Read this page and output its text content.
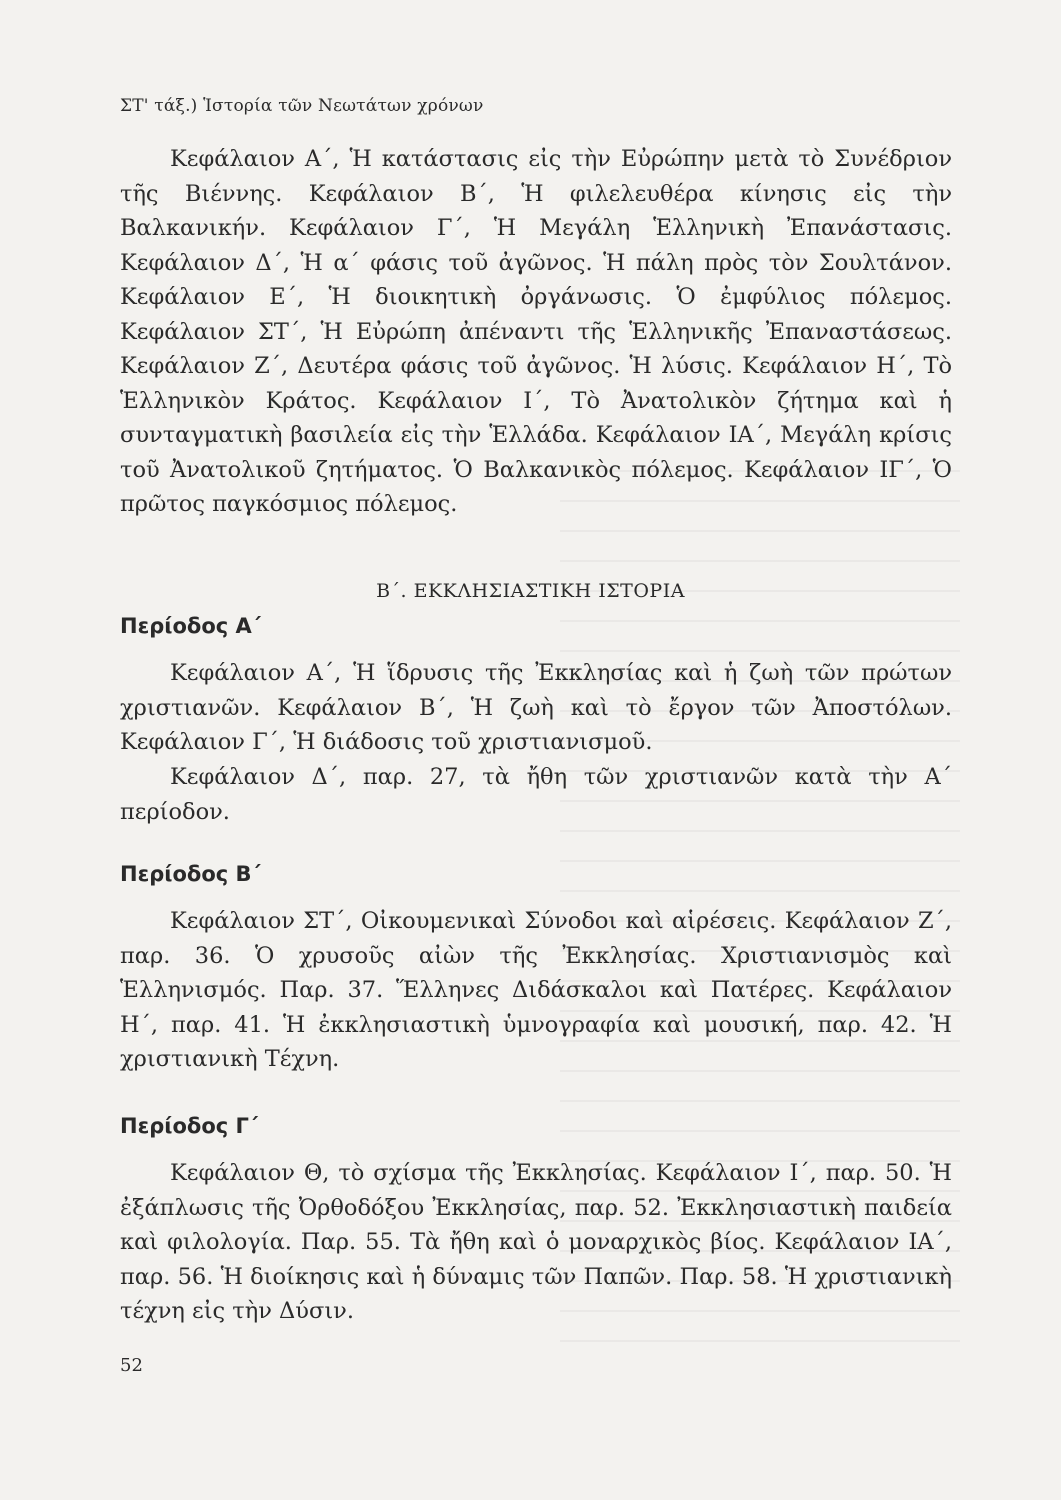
ΣΤ' τάξ.) Ἱστορία τῶν Νεωτάτων χρόνων
Κεφάλαιον Α΄, Ἡ κατάστασις εἰς τὴν Εὐρώπην μετὰ τὸ Συνέδριον τῆς Βιέννης. Κεφάλαιον Β΄, Ἡ φιλελευθέρα κίνησις εἰς τὴν Βαλκανικήν. Κεφάλαιον Γ΄, Ἡ Μεγάλη Ἑλληνικὴ Ἐπανάστασις. Κεφάλαιον Δ΄, Ἡ α΄ φάσις τοῦ ἀγῶνος. Ἡ πάλη πρὸς τὸν Σουλτάνον. Κεφάλαιον Ε΄, Ἡ διοικητικὴ ὀργάνωσις. Ὁ ἐμφύλιος πόλεμος. Κεφάλαιον ΣΤ΄, Ἡ Εὐρώπη ἀπέναντι τῆς Ἑλληνικῆς Ἐπαναστάσεως. Κεφάλαιον Ζ΄, Δευτέρα φάσις τοῦ ἀγῶνος. Ἡ λύσις. Κεφάλαιον Η΄, Τὸ Ἑλληνικὸν Κράτος. Κεφάλαιον Ι΄, Τὸ Ἀνατολικὸν ζήτημα καὶ ἡ συνταγματικὴ βασιλεία εἰς τὴν Ἑλλάδα. Κεφάλαιον ΙΑ΄, Μεγάλη κρίσις τοῦ Ἀνατολικοῦ ζητήματος. Ὁ Βαλκανικὸς πόλεμος. Κεφάλαιον ΙΓ΄, Ὁ πρῶτος παγκόσμιος πόλεμος.
Β΄. ΕΚΚΛΗΣΙΑΣΤΙΚΗ ΙΣΤΟΡΙΑ
Περίοδος Α΄
Κεφάλαιον Α΄, Ἡ ἵδρυσις τῆς Ἐκκλησίας καὶ ἡ ζωὴ τῶν πρώτων χριστιανῶν. Κεφάλαιον Β΄, Ἡ ζωὴ καὶ τὸ ἔργον τῶν Ἀποστόλων. Κεφάλαιον Γ΄, Ἡ διάδοσις τοῦ χριστιανισμοῦ.
Κεφάλαιον Δ΄, παρ. 27, τὰ ἤθη τῶν χριστιανῶν κατὰ τὴν Α΄ περίοδον.
Περίοδος Β΄
Κεφάλαιον ΣΤ΄, Οἰκουμενικαὶ Σύνοδοι καὶ αἱρέσεις. Κεφάλαιον Ζ΄, παρ. 36. Ὁ χρυσοῦς αἰὼν τῆς Ἐκκλησίας. Χριστιανισμὸς καὶ Ἑλληνισμός. Παρ. 37. Ἕλληνες Διδάσκαλοι καὶ Πατέρες. Κεφάλαιον Η΄, παρ. 41. Ἡ ἐκκλησιαστικὴ ὑμνογραφία καὶ μουσική, παρ. 42. Ἡ χριστιανικὴ Τέχνη.
Περίοδος Γ΄
Κεφάλαιον Θ, τὸ σχίσμα τῆς Ἐκκλησίας. Κεφάλαιον Ι΄, παρ. 50. Ἡ ἐξάπλωσις τῆς Ὀρθοδόξου Ἐκκλησίας, παρ. 52. Ἐκκλησιαστικὴ παιδεία καὶ φιλολογία. Παρ. 55. Τὰ ἤθη καὶ ὁ μοναρχικὸς βίος. Κεφάλαιον ΙΑ΄, παρ. 56. Ἡ διοίκησις καὶ ἡ δύναμις τῶν Παπῶν. Παρ. 58. Ἡ χριστιανικὴ τέχνη εἰς τὴν Δύσιν.
52
